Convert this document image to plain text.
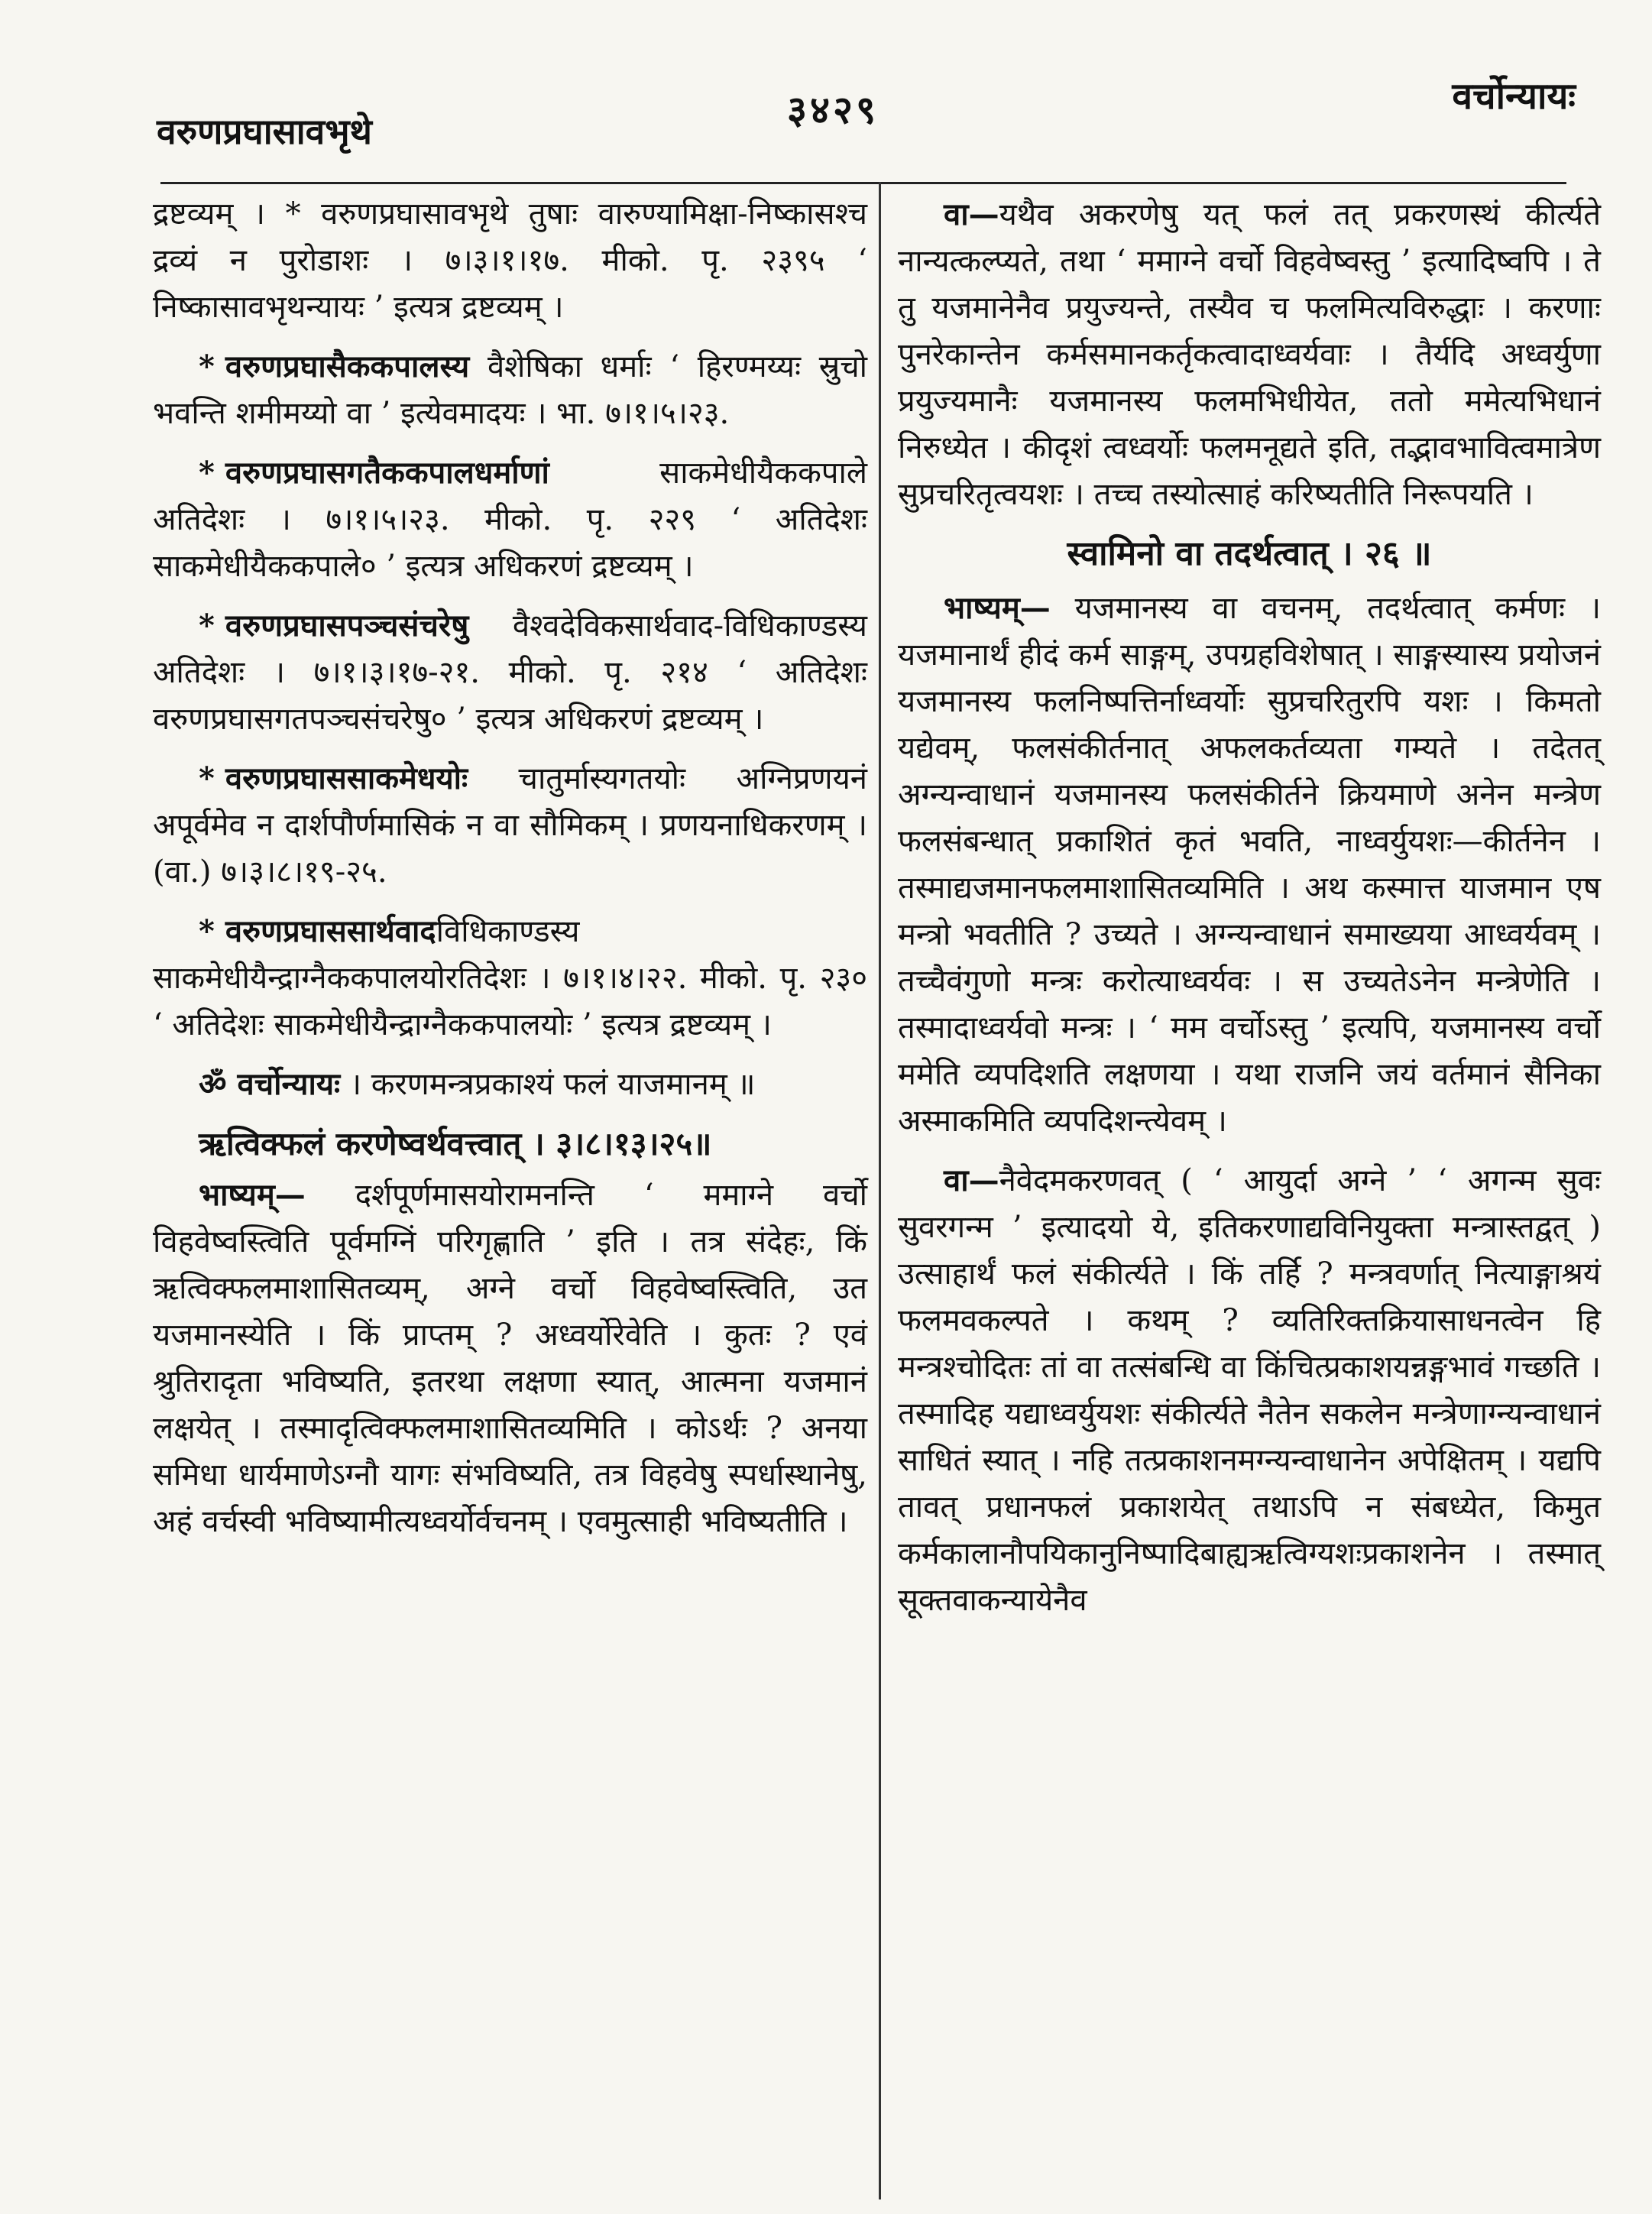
वरुणप्रघासावभृथे	३४२९	वर्चोन्यायः

द्रष्टव्यम् । * वरुणप्रघासावभृथे तुषाः वारुण्यामिक्षा-निष्कासश्च द्रव्यं न पुरोडाशः । ७।३।१।१७. मीको. पृ. २३९५ ‘ निष्कासावभृथन्यायः ’ इत्यत्र द्रष्टव्यम् ।

* वरुणप्रघासैककपालस्य वैशेषिका धर्माः ‘ हिरण्मय्यः स्रुचो भवन्ति शमीमय्यो वा ’ इत्येवमादयः । भा. ७।१।५।२३.

* वरुणप्रघासगतैककपालधर्माणां	साकमेधीयैककपाले अतिदेशः । ७।१।५।२३. मीको. पृ. २२९ ‘ अतिदेशः साकमेधीयैककपाले० ’ इत्यत्र अधिकरणं द्रष्टव्यम् ।

* वरुणप्रघासपञ्चसंचरेषु वैश्वदेविकसार्थवाद-विधिकाण्डस्य अतिदेशः । ७।१।३।१७-२१. मीको. पृ. २१४ ‘ अतिदेशः वरुणप्रघासगतपञ्चसंचरेषु० ’ इत्यत्र अधिकरणं द्रष्टव्यम् ।

* वरुणप्रघाससाकमेधयोः चातुर्मास्यगतयोः अग्निप्रणयनं अपूर्वमेव न दार्शपौर्णमासिकं न वा सौमिकम् । प्रणयनाधिकरणम् । (वा.) ७।३।८।१९-२५.

* वरुणप्रघाससार्थवादविधिकाण्डस्य साकमेधीयैन्द्राग्नैककपालयोरतिदेशः । ७।१।४।२२. मीको. पृ. २३० ‘ अतिदेशः साकमेधीयैन्द्राग्नैककपालयोः ’ इत्यत्र द्रष्टव्यम् ।

ॐ वर्चोन्यायः । करणमन्त्रप्रकाश्यं फलं याजमानम् ॥

ऋत्विक्फलं करणेष्वर्थवत्त्वात् । ३।८।१३।२५॥

भाष्यम्— दर्शपूर्णमासयोरामनन्ति ‘ ममाग्ने वर्चो विहवेष्वस्त्विति पूर्वमग्निं परिगृह्णाति ’ इति । तत्र संदेहः, किं ऋत्विक्फलमाशासितव्यम्, अग्ने वर्चो विहवेष्वस्त्विति, उत यजमानस्येति । किं प्राप्तम् ? अध्वर्योरेवेति । कुतः ? एवं श्रुतिरादृता भविष्यति, इतरथा लक्षणा स्यात्, आत्मना यजमानं लक्षयेत् । तस्मादृत्विक्फलमाशासितव्यमिति । कोऽर्थः ? अनया समिधा धार्यमाणेऽग्नौ यागः संभविष्यति, तत्र विहवेषु स्पर्धास्थानेषु, अहं वर्चस्वी भविष्यामीत्यध्वर्योर्वचनम् । एवमुत्साही भविष्यतीति ।

वा—यथैव अकरणेषु यत् फलं तत् प्रकरणस्थं कीर्त्यते नान्यत्कल्प्यते, तथा ‘ ममाग्ने वर्चो विहवेष्वस्तु ’ इत्यादिष्वपि । ते तु यजमानेनैव प्रयुज्यन्ते, तस्यैव च फलमित्यविरुद्धाः । करणाः पुनरेकान्तेन कर्मसमानकर्तृकत्वादाध्वर्यवाः । तैर्यदि अध्वर्युणा प्रयुज्यमानैः यजमानस्य फलमभिधीयेत, ततो ममेत्यभिधानं निरुध्येत । कीदृशं त्वध्वर्योः फलमनूद्यते इति, तद्भावभावित्वमात्रेण सुप्रचरितृत्वयशः । तच्च तस्योत्साहं करिष्यतीति निरूपयति ।

स्वामिनो वा तदर्थत्वात् । २६ ॥

भाष्यम्— यजमानस्य वा वचनम्, तदर्थत्वात् कर्मणः । यजमानार्थं हीदं कर्म साङ्गम्, उपग्रहविशेषात् । साङ्गस्यास्य प्रयोजनं यजमानस्य फलनिष्पत्तिर्नाध्वर्योः सुप्रचरितुरपि यशः । किमतो यद्येवम्, फलसंकीर्तनात् अफलकर्तव्यता गम्यते । तदेतत् अग्न्यन्वाधानं यजमानस्य फलसंकीर्तने क्रियमाणे अनेन मन्त्रेण फलसंबन्धात् प्रकाशितं कृतं भवति, नाध्वर्युयशः—कीर्तनेन । तस्माद्यजमानफलमाशासितव्यमिति । अथ कस्मात्त याजमान एष मन्त्रो भवतीति ? उच्यते । अग्न्यन्वाधानं समाख्यया आध्वर्यवम् । तच्चैवंगुणो मन्त्रः करोत्याध्वर्यवः । स उच्यतेऽनेन मन्त्रेणेति । तस्मादाध्वर्यवो मन्त्रः । ‘ मम वर्चोऽस्तु ’ इत्यपि, यजमानस्य वर्चो ममेति व्यपदिशति लक्षणया । यथा राजनि जयं वर्तमानं सैनिका अस्माकमिति व्यपदिशन्त्येवम् ।

वा—नैवेदमकरणवत् ( ‘ आयुर्दा अग्ने ’ ‘ अगन्म सुवः सुवरगन्म ’ इत्यादयो ये, इतिकरणाद्यविनियुक्ता मन्त्रास्तद्वत् ) उत्साहार्थं फलं संकीर्त्यते । किं तर्हि ? मन्त्रवर्णात् नित्याङ्गाश्रयं फलमवकल्पते । कथम् ? व्यतिरिक्तक्रियासाधनत्वेन हि मन्त्रश्चोदितः तां वा तत्संबन्धि वा किंचित्प्रकाशयन्नङ्गभावं गच्छति । तस्मादिह यद्याध्वर्युयशः संकीर्त्यते नैतेन सकलेन मन्त्रेणाग्न्यन्वाधानं साधितं स्यात् । नहि तत्प्रकाशनमग्न्यन्वाधानेन अपेक्षितम् । यद्यपि तावत् प्रधानफलं प्रकाशयेत् तथाऽपि न संबध्येत, किमुत कर्मकालानौपयिकानुनिष्पादिबाह्यऋत्विग्यशःप्रकाशनेन । तस्मात् सूक्तवाकन्यायेनैव
